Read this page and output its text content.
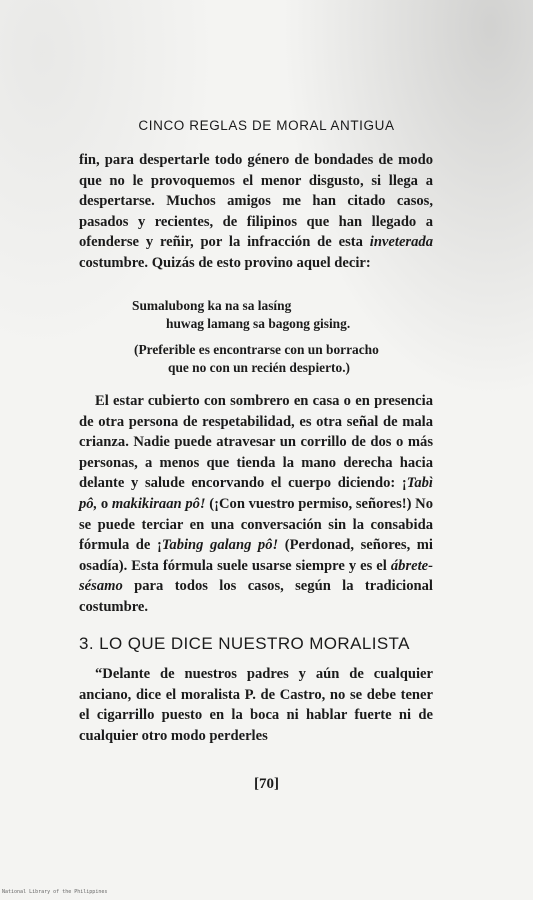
CINCO REGLAS DE MORAL ANTIGUA
fin, para despertarle todo género de bondades de modo que no le provoquemos el menor disgusto, si llega a despertarse. Muchos amigos me han citado casos, pasados y recientes, de filipinos que han llegado a ofenderse y reñir, por la infracción de esta inveterada costumbre. Quizás de esto provino aquel decir:
Sumalubong ka na sa lasíng
huwag lamang sa bagong gising.
(Preferible es encontrarse con un borracho
que no con un recién despierto.)
El estar cubierto con sombrero en casa o en presencia de otra persona de respetabilidad, es otra señal de mala crianza. Nadie puede atravesar un corrillo de dos o más personas, a menos que tienda la mano derecha hacia delante y salude encorvando el cuerpo diciendo: ¡Tabì pô, o makikiraan pô! (¡Con vuestro permiso, señores!) No se puede terciar en una conversación sin la consabida fórmula de ¡Tabing galang pô! (Perdonad, señores, mi osadía). Esta fórmula suele usarse siempre y es el ábrete-sésamo para todos los casos, según la tradicional costumbre.
3. LO QUE DICE NUESTRO MORALISTA
“Delante de nuestros padres y aún de cualquier anciano, dice el moralista P. de Castro, no se debe tener el cigarrillo puesto en la boca ni hablar fuerte ni de cualquier otro modo perderles
[70]
National Library of the Philippines
